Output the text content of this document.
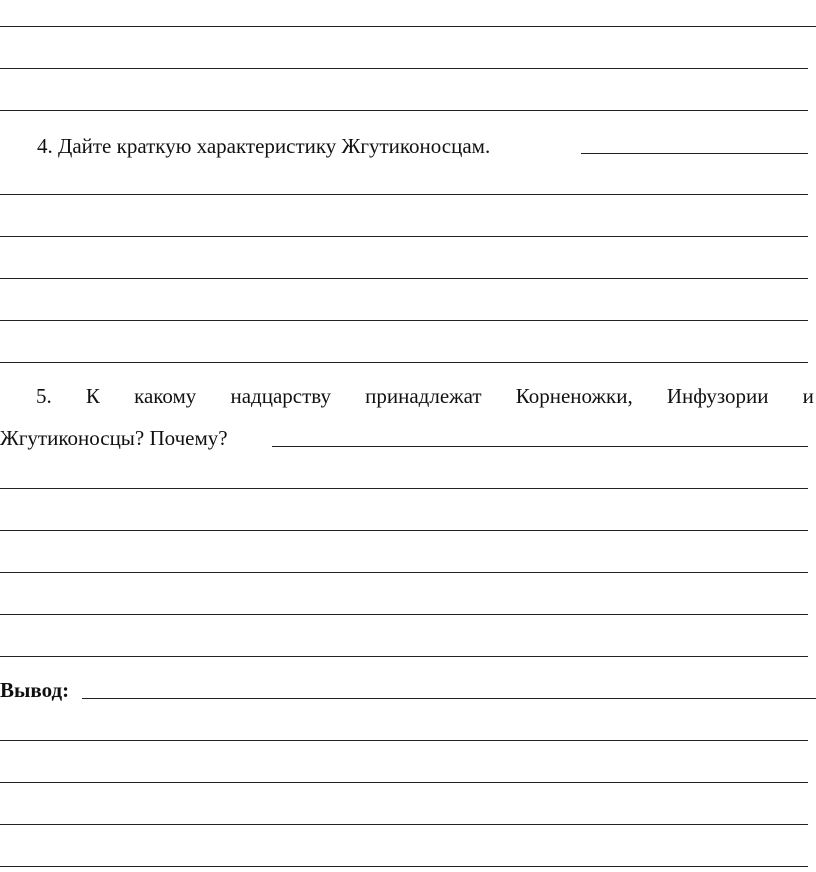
4. Дайте краткую характеристику Жгутиконосцам.
5. К какому надцарству принадлежат Корненожки, Инфузории и
Жгутиконосцы? Почему?
Вывод:
